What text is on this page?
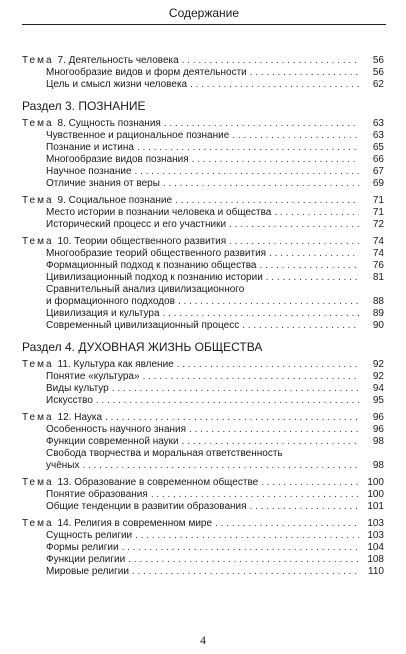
Содержание
Тема 7. Деятельность человека . . .	56
Многообразие видов и форм деятельности . . .	56
Цель и смысл жизни человека . . .	62
Раздел 3. ПОЗНАНИЕ
Тема 8. Сущность познания . . .	63
Чувственное и рациональное познание . . .	63
Познание и истина . . .	65
Многообразие видов познания . . .	66
Научное познание . . .	67
Отличие знания от веры . . .	69
Тема 9. Социальное познание . . .	71
Место истории в познании человека и общества . . .	71
Исторический процесс и его участники . . .	72
Тема 10. Теории общественного развития . . .	74
Многообразие теорий общественного развития . . .	74
Формационный подход к познанию общества . . .	76
Цивилизационный подход к познанию истории . . .	81
Сравнительный анализ цивилизационного
и формационного подходов . . .	88
Цивилизация и культура . . .	89
Современный цивилизационный процесс . . .	90
Раздел 4. ДУХОВНАЯ ЖИЗНЬ ОБЩЕСТВА
Тема 11. Культура как явление . . .	92
Понятие «культура» . . .	92
Виды культур . . .	94
Искусство . . .	95
Тема 12. Наука . . .	96
Особенность научного знания . . .	96
Функции современной науки . . .	98
Свобода творчества и моральная ответственность
учёных . . .	98
Тема 13. Образование в современном обществе . . .	100
Понятие образования . . .	100
Общие тенденции в развитии образования . . .	101
Тема 14. Религия в современном мире . . .	103
Сущность религии . . .	103
Формы религии . . .	104
Функции религии . . .	108
Мировые религии . . .	110
4
